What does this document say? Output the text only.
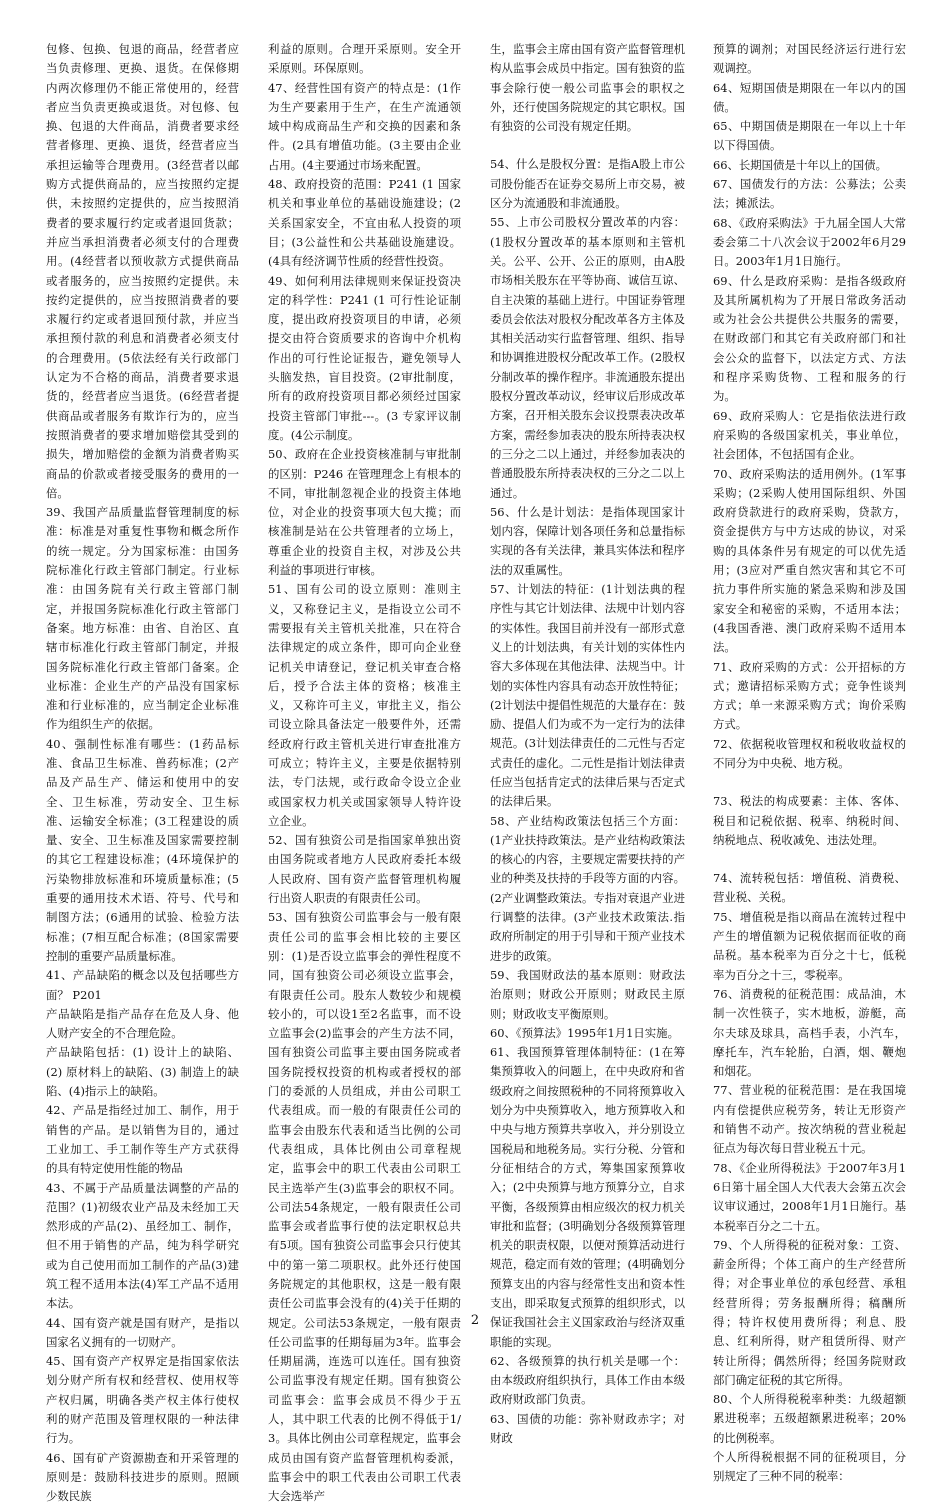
包修、包换、包退的商品，经营者应当负责修理、更换、退货。在保修期内两次修理仍不能正常使用的，经营者应当负责更换或退货。对包修、包换、包退的大件商品，消费者要求经营者修理、更换、退货，经营者应当承担运输等合理费用。(3经营者以邮购方式提供商品的，应当按照约定提供，未按照约定提供的，应当按照消费者的要求履行约定或者退回货款；并应当承担消费者必须支付的合理费用。(4经营者以预收款方式提供商品或者服务的，应当按照约定提供。未按约定提供的，应当按照消费者的要求履行约定或者退回预付款，并应当承担预付款的利息和消费者必须支付的合理费用。(5依法经有关行政部门认定为不合格的商品，消费者要求退货的，经营者应当退货。(6经营者提供商品或者服务有欺诈行为的，应当按照消费者的要求增加赔偿其受到的损失，增加赔偿的金额为消费者购买商品的价款或者接受服务的费用的一倍。

39、我国产品质量监督管理制度的标准：标准是对重复性事物和概念所作的统一规定。分为国家标准：由国务院标准化行政主管部门制定。行业标准：由国务院有关行政主管部门制定，并报国务院标准化行政主管部门备案。地方标准：由省、自治区、直辖市标准化行政主管部门制定，并报国务院标准化行政主管部门备案。企业标准：企业生产的产品没有国家标准和行业标准的，应当制定企业标准作为组织生产的依据。

40、强制性标准有哪些：(1药品标准、食品卫生标准、兽药标准；(2产品及产品生产、储运和使用中的安全、卫生标准，劳动安全、卫生标准、运输安全标准；(3工程建设的质量、安全、卫生标准及国家需要控制的其它工程建设标准；(4环境保护的污染物排放标准和环境质量标准；(5重要的通用技术术语、符号、代号和制图方法；(6通用的试验、检验方法标准；(7相互配合标准；(8国家需要控制的重要产品质量标准。

41、产品缺陷的概念以及包括哪些方面？ P201

产品缺陷是指产品存在危及人身、他人财产安全的不合理危险。

产品缺陷包括：(1) 设计上的缺陷、(2) 原材料上的缺陷、(3) 制造上的缺陷、(4)指示上的缺陷。

42、产品是指经过加工、制作，用于销售的产品。是以销售为目的，通过工业加工、手工制作等生产方式获得的具有特定使用性能的物品

43、不属于产品质量法调整的产品的范围？(1)初级农业产品及未经加工天然形成的产品(2)、虽经加工、制作，但不用于销售的产品，纯为科学研究或为自己使用而加工制作的产品(3)建筑工程不适用本法(4)军工产品不适用本法。

44、国有资产就是国有财产，是指以国家名义拥有的一切财产。

45、国有资产产权界定是指国家依法划分财产所有权和经营权、使用权等产权归属，明确各类产权主体行使权利的财产范围及管理权限的一种法律行为。

46、国有矿产资源勘查和开采管理的原则是：鼓励科技进步的原则。照顾少数民族

利益的原则。合理开采原则。安全开采原则。环保原则。

47、经营性国有资产的特点是：(1作为生产要素用于生产，在生产流通领域中构成商品生产和交换的因素和条件。(2具有增值功能。(3主要由企业占用。(4主要通过市场来配置。

48、政府投资的范围：P241 (1 国家机关和事业单位的基础设施建设；(2关系国家安全，不宜由私人投资的项目；(3公益性和公共基础设施建设。(4具有经济调节性质的经营性投资。

49、如何利用法律规则来保证投资决定的科学性：P241 (1 可行性论证制度，提出政府投资项目的申请，必须提交由符合资质要求的咨询中介机构作出的可行性论证报告，避免领导人头脑发热，盲目投资。(2审批制度，所有的政府投资项目都必须经过国家投资主管部门审批---。(3 专家评议制度。(4公示制度。

50、政府在企业投资核准制与审批制的区别：P246 在管理理念上有根本的不同，审批制忽视企业的投资主体地位，对企业的投资事项大包大揽；而核准制是站在公共管理者的立场上，尊重企业的投资自主权，对涉及公共利益的事项进行审核。

51、国有公司的设立原则：准则主义，又称登记主义，是指设立公司不需要报有关主管机关批准，只在符合法律规定的成立条件，即可向企业登记机关申请登记，登记机关审查合格后，授予合法主体的资格；核准主义，又称许可主义，审批主义，指公司设立除具备法定一般要件外，还需经政府行政主管机关进行审查批准方可成立；特许主义，主要是依据特别法，专门法规，或行政命令设立企业或国家权力机关或国家领导人特许设立企业。

52、国有独资公司是指国家单独出资由国务院或者地方人民政府委托本级人民政府、国有资产监督管理机构履行出资人职责的有限责任公司。

53、国有独资公司监事会与一般有限责任公司的监事会相比较的主要区别：(1)是否设立监事会的弹性程度不同，国有独资公司必须设立监事会，有限责任公司。股东人数较少和规模较小的，可以设1至2名监事，而不设立监事会(2)监事会的产生方法不同，国有独资公司监事主要由国务院或者国务院授权投资的机构或者授权的部门的委派的人员组成，并由公司职工代表组成。而一般的有限责任公司的监事会由股东代表和适当比例的公司代表组成，具体比例由公司章程规定，监事会中的职工代表由公司职工民主选举产生(3)监事会的职权不同。公司法54条规定，一般有限责任公司监事会或者监事行使的法定职权总共有5项。国有独资公司监事会只行使其中的第一第二项职权。此外还行使国务院规定的其他职权，这是一般有限责任公司监事会没有的(4)关于任期的规定。公司法53条规定，一般有限责任公司监事的任期每届为3年。监事会任期届满，连选可以连任。国有独资公司监事没有规定任期。国有独资公司监事会：监事会成员不得少于五人，其中职工代表的比例不得低于1/3。具体比例由公司章程规定，监事会成员由国有资产监督管理机构委派，监事会中的职工代表由公司职工代表大会选举产

生，监事会主席由国有资产监督管理机构从监事会成员中指定。国有独资的监事会除行使一般公司监事会的职权之外，还行使国务院规定的其它职权。国有独资的公司没有规定任期。

54、什么是股权分置：是指A股上市公司股份能否在证券交易所上市交易，被区分为流通股和非流通股。

55、上市公司股权分置改革的内容：(1股权分置改革的基本原则和主管机关。公平、公开、公正的原则，由A股市场相关股东在平等协商、诚信互谅、自主决策的基础上进行。中国证券管理委员会依法对股权分配改革各方主体及其相关活动实行监督管理、组织、指导和协调推进股权分配改革工作。(2股权分制改革的操作程序。非流通股东提出股权分置改革动议，经审议后形成改革方案，召开相关股东会议投票表决改革方案，需经参加表决的股东所持表决权的三分之二以上通过，并经参加表决的普通股股东所持表决权的三分之二以上通过。

56、什么是计划法：是指体现国家计划内容，保障计划各项任务和总量指标实现的各有关法律，兼具实体法和程序法的双重属性。

57、计划法的特征：(1计划法典的程序性与其它计划法律、法规中计划内容的实体性。我国目前并没有一部形式意义上的计划法典，有关计划的实体性内容大多体现在其他法律、法规当中。计划的实体性内容具有动态开放性特征；(2计划法中提倡性规范的大量存在：鼓励、提倡人们为或不为一定行为的法律规范。(3计划法律责任的二元性与否定式责任的虚化。二元性是指计划法律责任应当包括肯定式的法律后果与否定式的法律后果。

58、产业结构政策法包括三个方面：(1产业扶持政策法。是产业结构政策法的核心的内容，主要规定需要扶持的产业的种类及扶持的手段等方面的内容。(2产业调整政策法。专指对衰退产业进行调整的法律。(3产业技术政策法.指政府所制定的用于引导和干预产业技术进步的政策。

59、我国财政法的基本原则：财政法治原则；财政公开原则；财政民主原则；财政收支平衡原则。

60、《预算法》1995年1月1日实施。

61、我国预算管理体制特征：(1在筹集预算收入的问题上，在中央政府和省级政府之间按照税种的不同将预算收入划分为中央预算收入，地方预算收入和中央与地方预算共享收入，并分别设立国税局和地税务局。实行分税、分管和分征相结合的方式，筹集国家预算收入；(2中央预算与地方预算分立，自求平衡，各级预算由相应级次的权力机关审批和监督；(3明确划分各级预算管理机关的职责权限，以便对预算活动进行规范，稳定而有效的管理；(4明确划分预算支出的内容与经常性支出和资本性支出，即采取复式预算的组织形式，以保证我国社会主义国家政治与经济双重职能的实现。

62、各级预算的执行机关是哪一个：由本级政府组织执行，具体工作由本级政府财政部门负责。

63、国债的功能：弥补财政赤字；对财政

预算的调剂；对国民经济运行进行宏观调控。

64、短期国债是期限在一年以内的国债。

65、中期国债是期限在一年以上十年以下得国债。

66、长期国债是十年以上的国债。

67、国债发行的方法：公募法；公卖法；摊派法。

68、《政府采购法》于九届全国人大常委会第二十八次会议于2002年6月29日。2003年1月1日施行。

69、什么是政府采购：是指各级政府及其所属机构为了开展日常政务活动或为社会公共提供公共服务的需要，在财政部门和其它有关政府部门和社会公众的监督下，以法定方式、方法和程序采购货物、工程和服务的行为。

69、政府采购人：它是指依法进行政府采购的各级国家机关，事业单位，社会团体，不包括国有企业。

70、政府采购法的适用例外。(1军事采购；(2采购人使用国际组织、外国政府贷款进行的政府采购，贷款方，资金提供方与中方达成的协议，对采购的具体条件另有规定的可以优先适用；(3应对严重自然灾害和其它不可抗力事件所实施的紧急采购和涉及国家安全和秘密的采购，不适用本法；(4我国香港、澳门政府采购不适用本法。

71、政府采购的方式：公开招标的方式；邀请招标采购方式；竞争性谈判方式；单一来源采购方式；询价采购方式。

72、依据税收管理权和税收收益权的不同分为中央税、地方税。

73、税法的构成要素：主体、客体、税目和记税依据、税率、纳税时间、纳税地点、税收减免、违法处理。

74、流转税包括：增值税、消费税、营业税、关税。

75、增值税是指以商品在流转过程中产生的增值额为记税依据而征收的商品税。基本税率为百分之十七，低税率为百分之十三，零税率。

76、消费税的征税范围：成品油，木制一次性筷子，实木地板，游艇，高尔夫球及球具，高档手表，小汽车，摩托车，汽车轮胎，白酒，烟、鞭炮和烟花。

77、营业税的征税范围：是在我国境内有偿提供应税劳务，转让无形资产和销售不动产。按次纳税的营业税起征点为每次每日营业税五十元。

78、《企业所得税法》于2007年3月16日第十届全国人大代表大会第五次会议审议通过，2008年1月1日施行。基本税率百分之二十五。

79、个人所得税的征税对象：工资、薪金所得；个体工商户的生产经营所得；对企事业单位的承包经营、承租经营所得；劳务报酬所得；稿酬所得；特许权使用费所得；利息、股息、红利所得，财产租赁所得、财产转让所得；偶然所得；经国务院财政部门确定征税的其它所得。

80、个人所得税税率种类：九级超额累进税率；五级超额累进税率；20%的比例税率。

个人所得税根据不同的征税项目，分别规定了三种不同的税率：

2
